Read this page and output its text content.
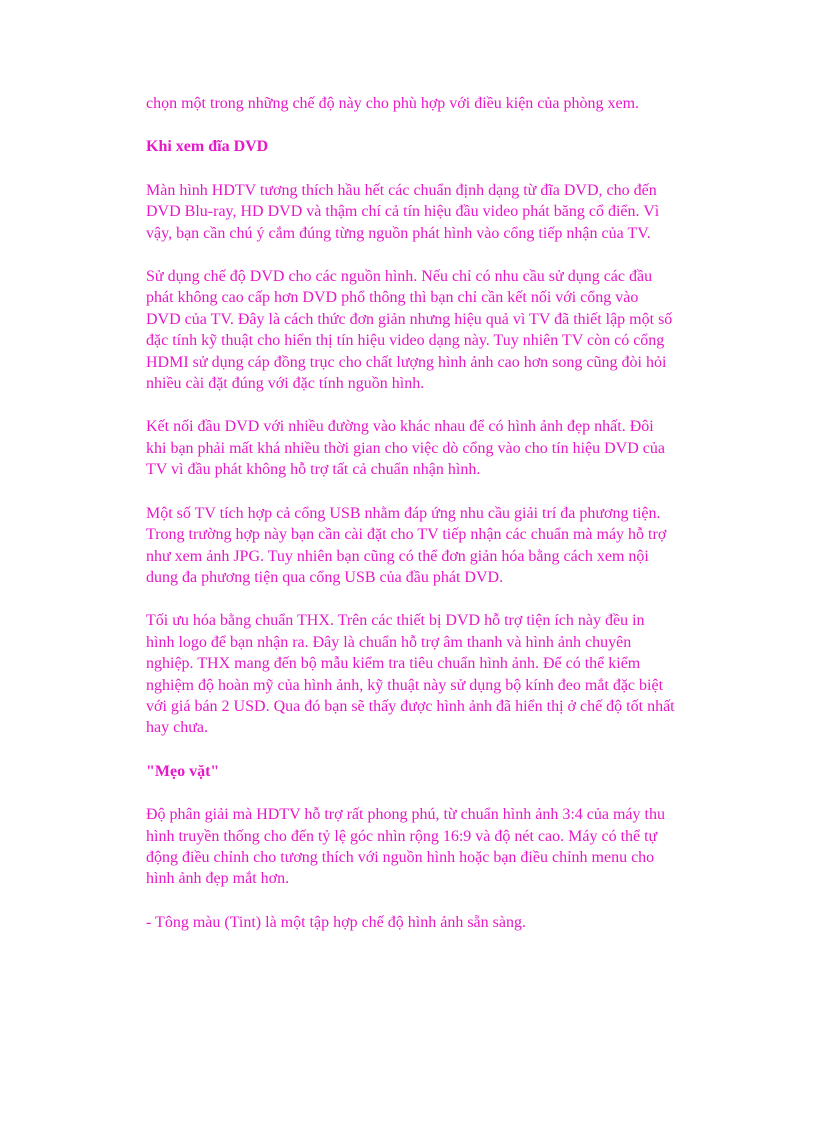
chọn một trong những chế độ này cho phù hợp với điều kiện của phòng xem.
Khi xem đĩa DVD
Màn hình HDTV tương thích hầu hết các chuẩn định dạng từ đĩa DVD, cho đến DVD Blu-ray, HD DVD và thậm chí cả tín hiệu đầu video phát băng cổ điển. Vì vậy, bạn cần chú ý cắm đúng từng nguồn phát hình vào cổng tiếp nhận của TV.
Sử dụng chế độ DVD cho các nguồn hình. Nếu chỉ có nhu cầu sử dụng các đầu phát không cao cấp hơn DVD phổ thông thì bạn chỉ cần kết nối với cổng vào DVD của TV. Đây là cách thức đơn giản nhưng hiệu quả vì TV đã thiết lập một số đặc tính kỹ thuật cho hiển thị tín hiệu video dạng này. Tuy nhiên TV còn có cổng HDMI sử dụng cáp đồng trục cho chất lượng hình ảnh cao hơn song cũng đòi hỏi nhiều cài đặt đúng với đặc tính nguồn hình.
Kết nối đầu DVD với nhiều đường vào khác nhau để có hình ảnh đẹp nhất. Đôi khi bạn phải mất khá nhiều thời gian cho việc dò cổng vào cho tín hiệu DVD của TV vì đầu phát không hỗ trợ tất cả chuẩn nhận hình.
Một số TV tích hợp cả cổng USB nhằm đáp ứng nhu cầu giải trí đa phương tiện. Trong trường hợp này bạn cần cài đặt cho TV tiếp nhận các chuẩn mà máy hỗ trợ như xem ảnh JPG. Tuy nhiên bạn cũng có thể đơn giản hóa bằng cách xem nội dung đa phương tiện qua cổng USB của đầu phát DVD.
Tối ưu hóa bằng chuẩn THX. Trên các thiết bị DVD hỗ trợ tiện ích này đều in hình logo để bạn nhận ra. Đây là chuẩn hỗ trợ âm thanh và hình ảnh chuyên nghiệp. THX mang đến bộ mẫu kiểm tra tiêu chuẩn hình ảnh. Để có thể kiểm nghiệm độ hoàn mỹ của hình ảnh, kỹ thuật này sử dụng bộ kính đeo mắt đặc biệt với giá bán 2 USD. Qua đó bạn sẽ thấy được hình ảnh đã hiển thị ở chế độ tốt nhất hay chưa.
"Mẹo vặt"
Độ phân giải mà HDTV hỗ trợ rất phong phú, từ chuẩn hình ảnh 3:4 của máy thu hình truyền thống cho đến tỷ lệ góc nhìn rộng 16:9 và độ nét cao. Máy có thể tự động điều chỉnh cho tương thích với nguồn hình hoặc bạn điều chỉnh menu cho hình ảnh đẹp mắt hơn.
- Tông màu (Tint) là một tập hợp chế độ hình ảnh sẵn sàng.
